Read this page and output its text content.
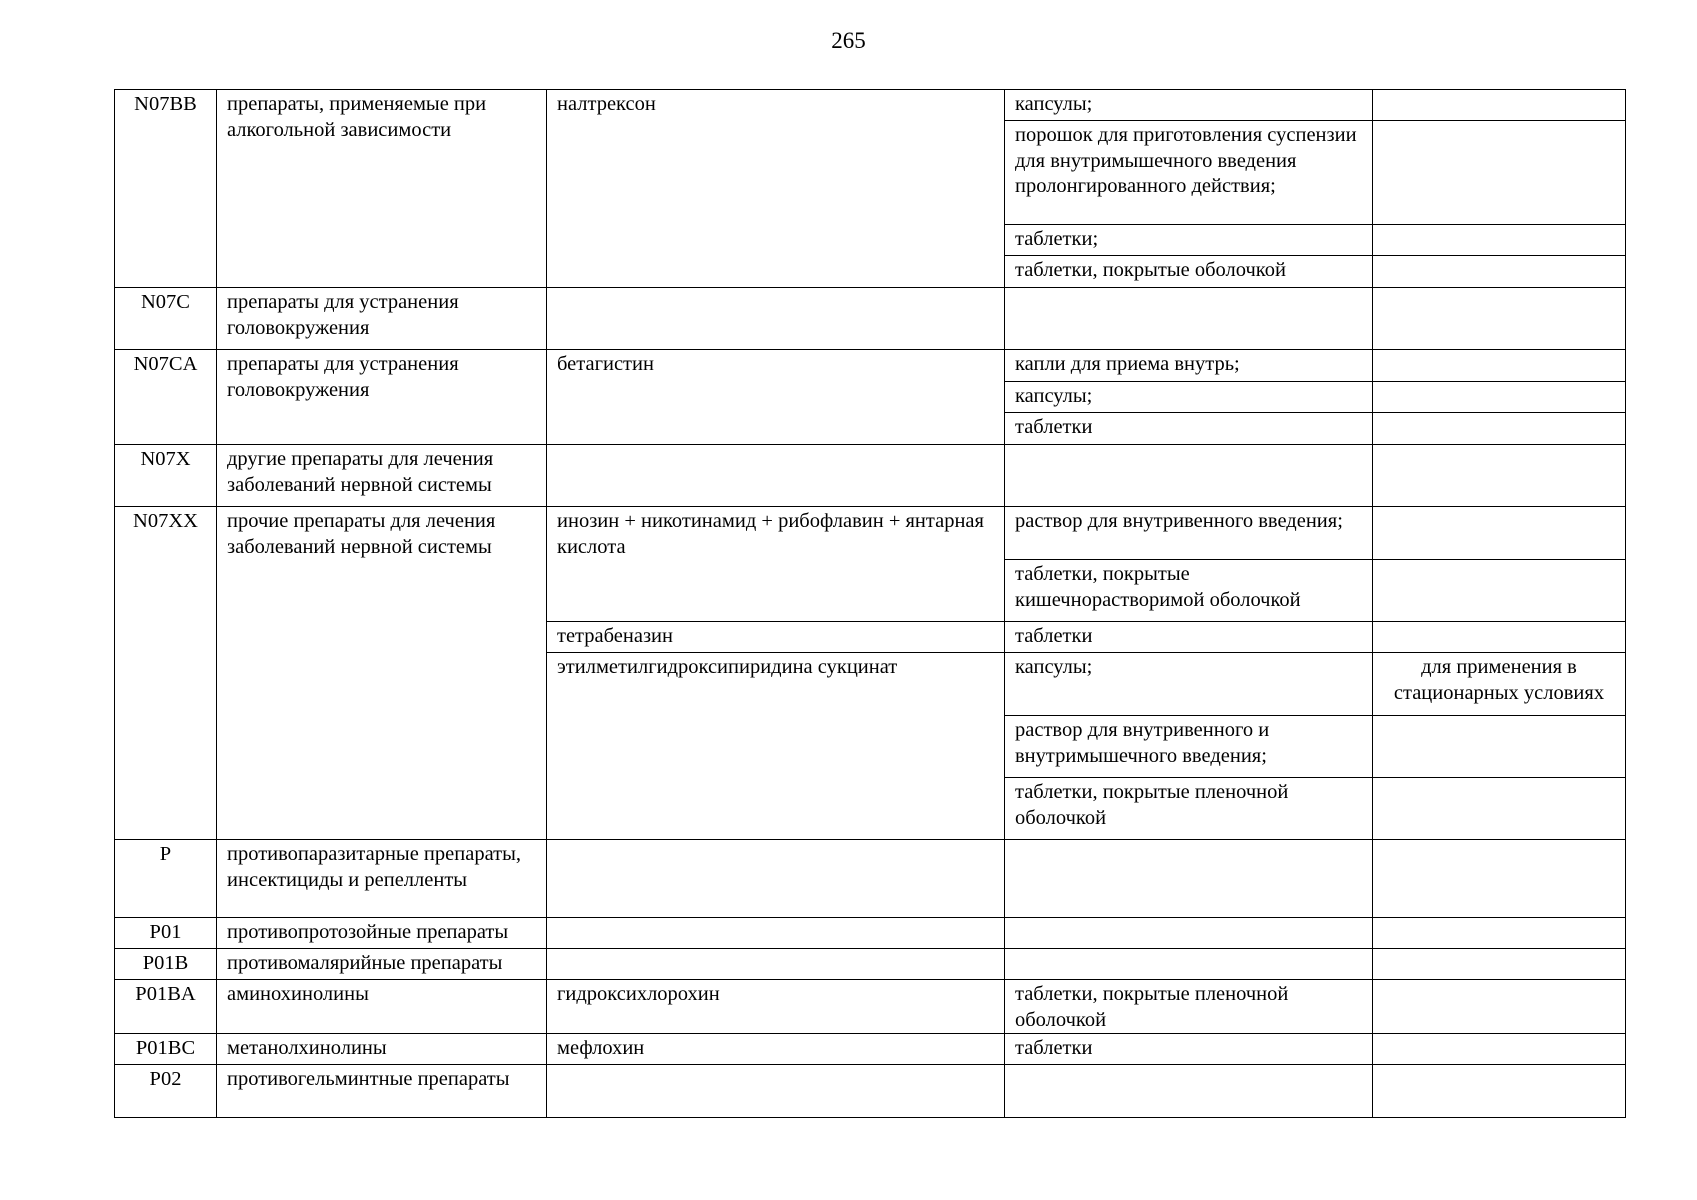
265
N07BB	препараты, применяемые при алкогольной зависимости	налтрексон	капсулы;	
			порошок для приготовления суспензии для внутримышечного введения пролонгированного действия;	
			таблетки;	
			таблетки, покрытые оболочкой	
N07C	препараты для устранения головокружения			
N07CA	препараты для устранения головокружения	бетагистин	капли для приема внутрь;	
			капсулы;	
			таблетки	
N07X	другие препараты для лечения заболеваний нервной системы			
N07XX	прочие препараты для лечения заболеваний нервной системы	инозин + никотинамид + рибофлавин + янтарная кислота	раствор для внутривенного введения;	
			таблетки, покрытые кишечнорастворимой оболочкой	
		тетрабеназин	таблетки	
		этилметилгидроксипиридина сукцинат	капсулы;	для применения в стационарных условиях
			раствор для внутривенного и внутримышечного введения;	
			таблетки, покрытые пленочной оболочкой	
P	противопаразитарные препараты, инсектициды и репелленты			
P01	противопротозойные препараты			
P01B	противомалярийные препараты			
P01BA	аминохинолины	гидроксихлорохин	таблетки, покрытые пленочной оболочкой	
P01BC	метанолхинолины	мефлохин	таблетки	
P02	противогельминтные препараты			
